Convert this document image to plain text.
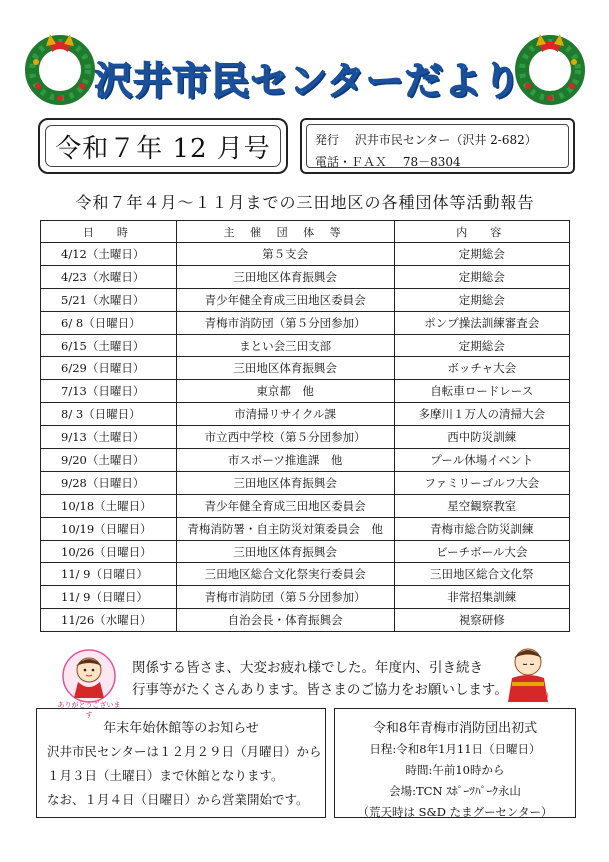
沢井市民センターだより
令和７年 12 月号	発行　 沢井市民センター（沢井 2-682）
電話・ＦＡＸ　 78－8304
令和７年４月～１１月までの三田地区の各種団体等活動報告
日　時	主 催 団 体 等	内　容
4/12（土曜日）	第５支会	定期総会
4/23（水曜日）	三田地区体育振興会	定期総会
5/21（水曜日）	青少年健全育成三田地区委員会	定期総会
6/ 8（日曜日）	青梅市消防団（第５分団参加）	ポンプ操法訓練審査会
6/15（土曜日）	まとい会三田支部	定期総会
6/29（日曜日）	三田地区体育振興会	ボッチャ大会
7/13（日曜日）	東京都　他	自転車ロードレース
8/ 3（日曜日）	市清掃リサイクル課	多摩川１万人の清掃大会
9/13（土曜日）	市立西中学校（第５分団参加）	西中防災訓練
9/20（土曜日）	市スポーツ推進課　他	プール休場イベント
9/28（日曜日）	三田地区体育振興会	ファミリーゴルフ大会
10/18（土曜日）	青少年健全育成三田地区委員会	星空観察教室
10/19（日曜日）	青梅消防署・自主防災対策委員会　他	青梅市総合防災訓練
10/26（日曜日）	三田地区体育振興会	ビーチボール大会
11/ 9（日曜日）	三田地区総合文化祭実行委員会	三田地区総合文化祭
11/ 9（日曜日）	青梅市消防団（第５分団参加）	非常招集訓練
11/26（水曜日）	自治会長・体育振興会	視察研修
ありがとうございます
ぺこり
関係する皆さま、大変お疲れ様でした。年度内、引き続き
行事等がたくさんあります。皆さまのご協力をお願いします。
年末年始休館等のお知らせ
沢井市民センターは１２月２９日（月曜日）から
１月３日（土曜日）まで休館となります。
なお、１月４日（日曜日）から営業開始です。
令和8年青梅市消防団出初式
日程:令和8年1月11日（日曜日）
時間:午前10時から
会場:TCN ｽﾎﾟｰﾂﾊﾟｰｸ永山
（荒天時は S&D たまグーセンター）
